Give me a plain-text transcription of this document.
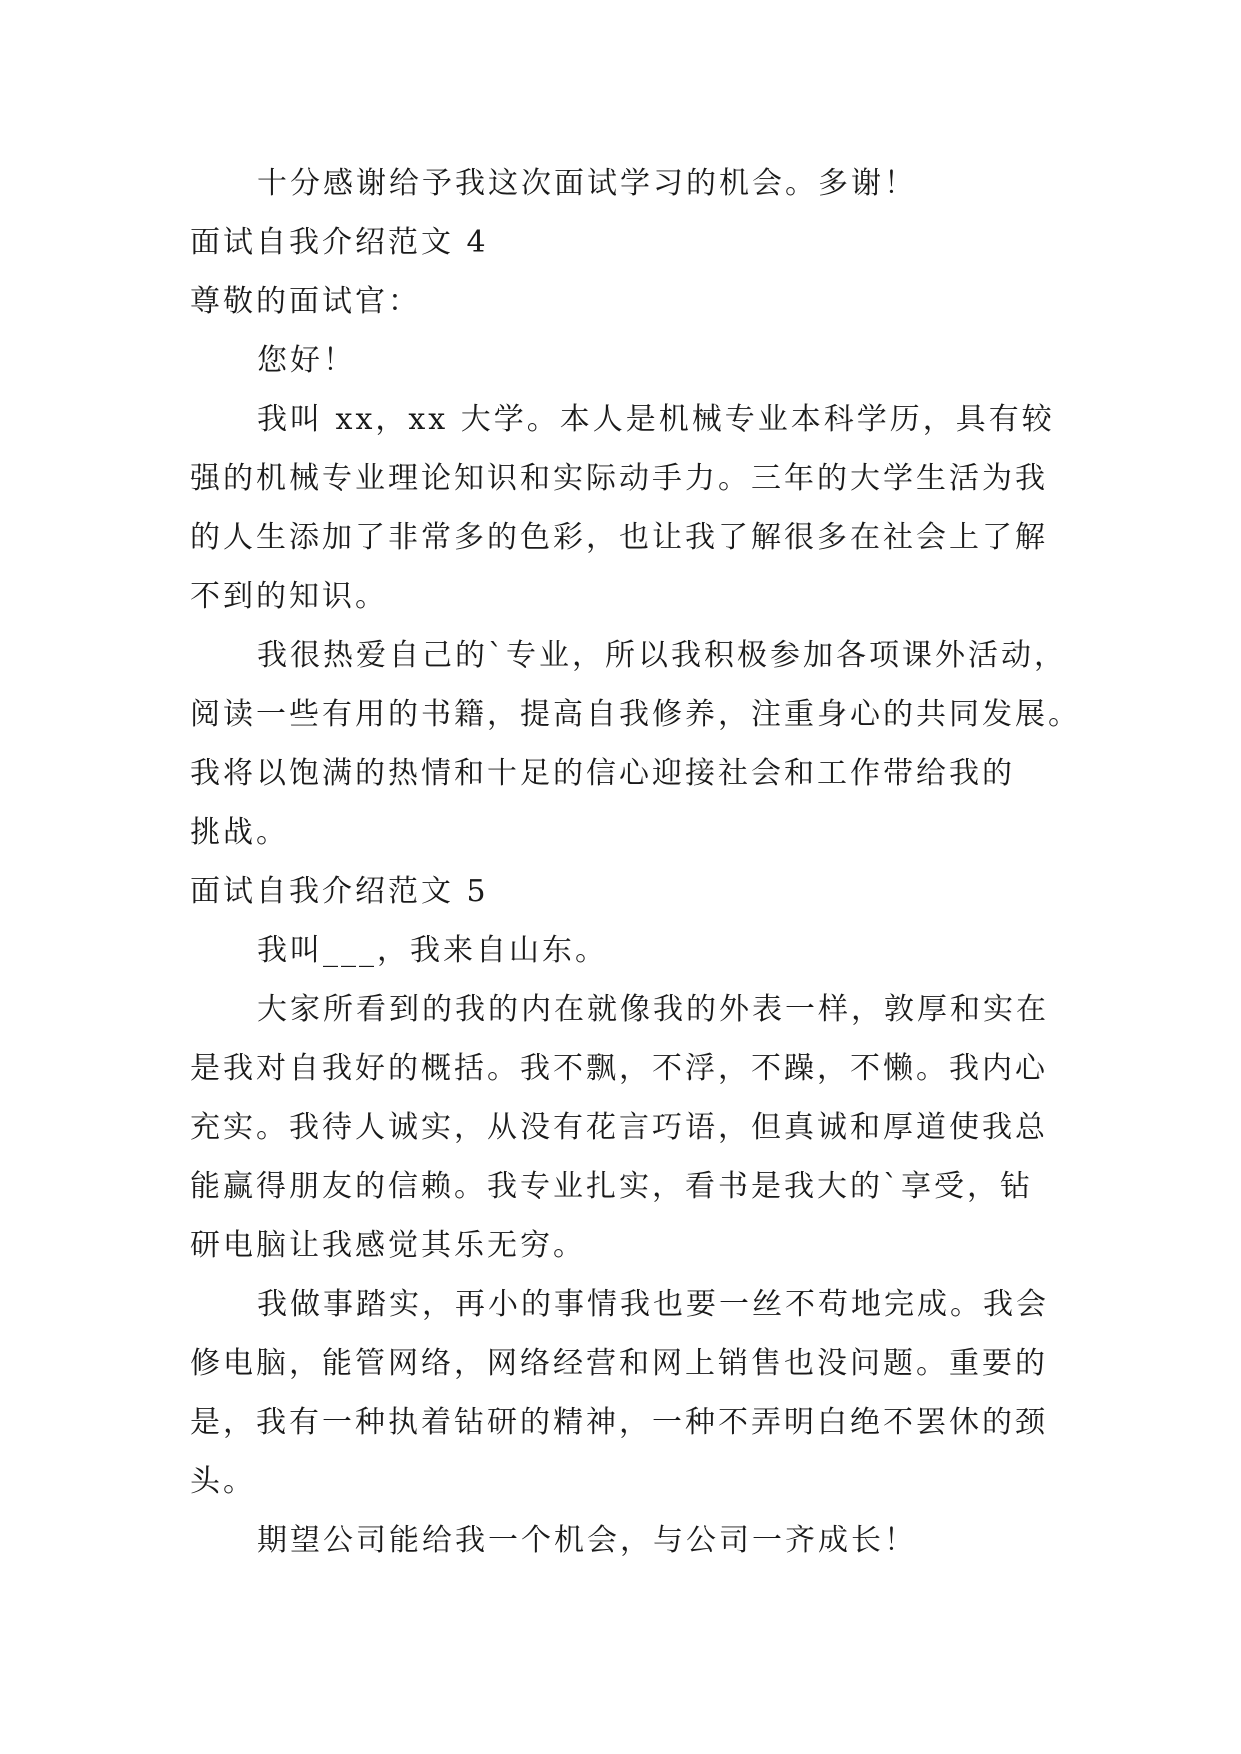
十分感谢给予我这次面试学习的机会。多谢！
面试自我介绍范文 4
尊敬的面试官：
您好！
我叫 xx，xx 大学。本人是机械专业本科学历，具有较
强的机械专业理论知识和实际动手力。三年的大学生活为我
的人生添加了非常多的色彩，也让我了解很多在社会上了解
不到的知识。
我很热爱自己的`专业，所以我积极参加各项课外活动，
阅读一些有用的书籍，提高自我修养，注重身心的共同发展。
我将以饱满的热情和十足的信心迎接社会和工作带给我的
挑战。
面试自我介绍范文 5
我叫___，我来自山东。
大家所看到的我的内在就像我的外表一样，敦厚和实在
是我对自我好的概括。我不飘，不浮，不躁，不懒。我内心
充实。我待人诚实，从没有花言巧语，但真诚和厚道使我总
能赢得朋友的信赖。我专业扎实，看书是我大的`享受，钻
研电脑让我感觉其乐无穷。
我做事踏实，再小的事情我也要一丝不苟地完成。我会
修电脑，能管网络，网络经营和网上销售也没问题。重要的
是，我有一种执着钻研的精神，一种不弄明白绝不罢休的颈
头。
期望公司能给我一个机会，与公司一齐成长！
